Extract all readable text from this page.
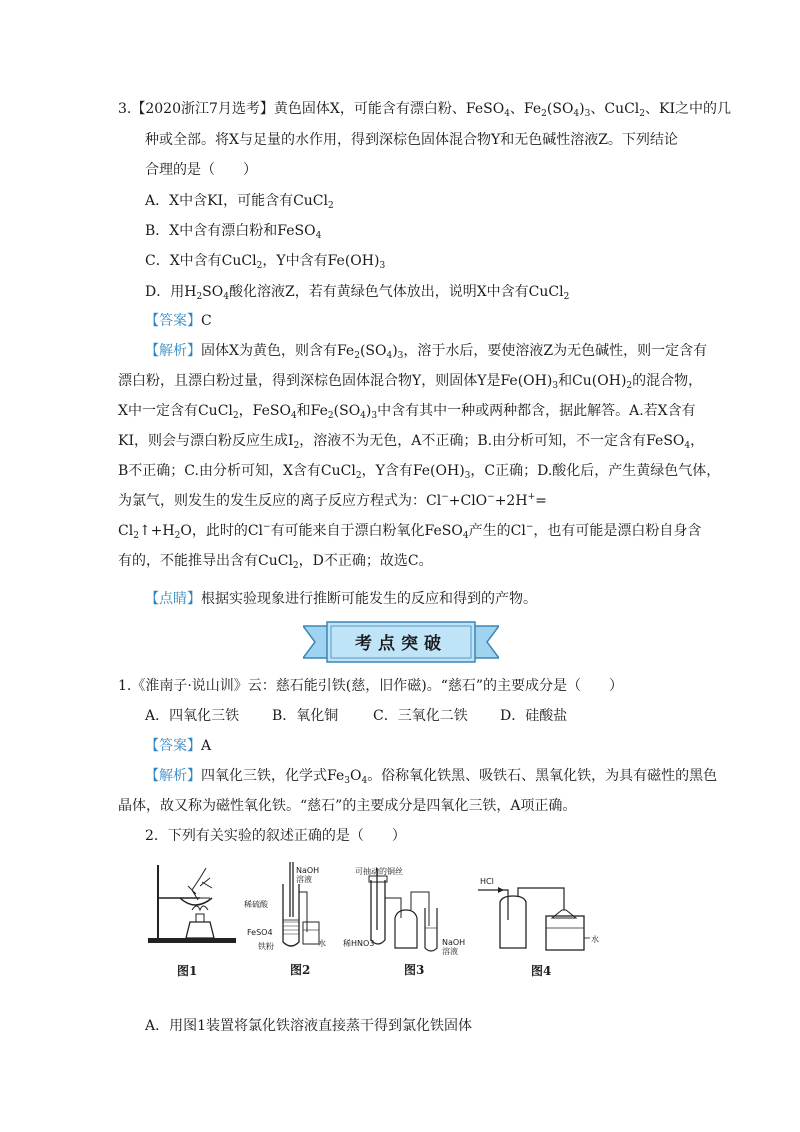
3.【2020浙江7月选考】黄色固体X，可能含有漂白粉、FeSO$_4$、$Fe_2(SO_4)_3$、CuCl$_2$、KI之中的几
种或全部。将X与足量的水作用，得到深棕色固体混合物Y和无色碱性溶液Z。下列结论
合理的是（　　）
A．X中含KI，可能含有CuCl$_2$
B．X中含有漂白粉和FeSO$_4$
C．X中含有CuCl$_2$，Y中含有$Fe(OH)_3$
D．用$H_2SO_4$酸化溶液Z，若有黄绿色气体放出，说明X中含有CuCl$_2$
【答案】C
【解析】固体X为黄色，则含有$Fe_2(SO_4)_3$，溶于水后，要使溶液Z为无色碱性，则一定含有
漂白粉，且漂白粉过量，得到深棕色固体混合物Y，则固体Y是$Fe(OH)_3$和$Cu(OH)_2$的混合物，
X中一定含有CuCl$_2$，FeSO$_4$和$Fe_2(SO_4)_3$中含有其中一种或两种都含，据此解答。A.若X含有
KI，则会与漂白粉反应生成$I_2$，溶液不为无色，A不正确；B.由分析可知，不一定含有FeSO$_4$，
B不正确；C.由分析可知，X含有CuCl$_2$，Y含有$Fe(OH)_3$，C正确；D.酸化后，产生黄绿色气体，
为氯气，则发生的发生反应的离子反应方程式为：Cl−+ClO−+2H+=
$Cl_2↑+H_2O$，此时的Cl−有可能来自于漂白粉氧化FeSO$_4$产生的Cl−，也有可能是漂白粉自身含
有的，不能推导出含有CuCl$_2$，D不正确；故选C。
【点睛】根据实验现象进行推断可能发生的反应和得到的产物。
考点突破
1.《淮南子·说山训》云：慈石能引铁(慈，旧作磁)。“慈石”的主要成分是（　　）
A．四氧化三铁 B．氧化铜 C．三氧化二铁 D．硅酸盐
【答案】A
【解析】四氧化三铁，化学式$Fe_3O_4$。俗称氧化铁黑、吸铁石、黑氧化铁，为具有磁性的黑色
晶体，故又称为磁性氧化铁。“慈石”的主要成分是四氧化三铁，A项正确。
2．下列有关实验的叙述正确的是（　　）
图1
稀硫酸
NaOH
溶液
FeSO4
铁粉	水
图2
可抽动的铜丝
稀HNO3	NaOH
溶液
图3
HCl
水
图4
A．用图1装置将氯化铁溶液直接蒸干得到氯化铁固体
